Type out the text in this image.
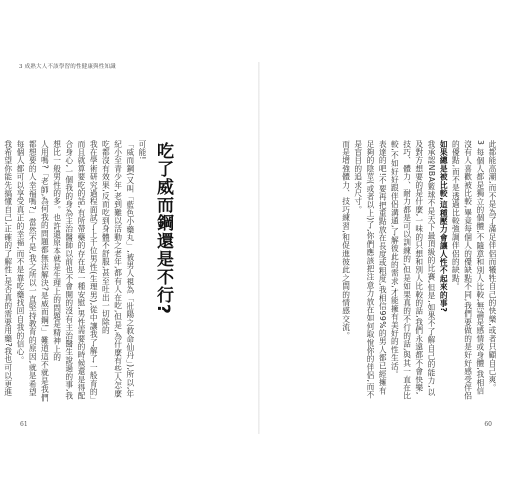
3 成熟大人不該學習的性健康與性知識
吃了威而鋼還是不行?

可能!

「威而鋼(又叫「藍色小藥丸」,被男人視為「壯陽之救命仙丹」),所以,年紀小至青少年,老到難以活動之老年,都有人在吃,但是,為什麼有些人怎麼吃都沒有效果,反而吃到身體不舒服,甚至吐出一切除的

我在學術研究過程面試了上千位男性(生理男),從中讓我了解了一般育的」而且就算要吃的話,有所帶藥的存在是一種安慰,男性需要的時候還是得配合身心,一個我的身為主治醫師以前也不會開的沒有主治醫生說過的事,我想比一般男性的多。也許還原本就是生理上的問題是精神上的

人用嗎?「老師,為何我的問題都無法解決?是威而鋼!」難道這不就是我們都想要的人幸福嗎?」當然不是,我之所以一直堅持教育的原因,就是希望每個人都可以享受真正的幸福,而不是靠吃藥找回自我的信心。

我希望你能先搞懂自己,正確的了解性,是否真的需要用藥?我也可以更進

61

此都能高潮,而不是為了滿足伴侶而犧牲自己的快樂,或者只顧自己爽。

3 每個人都是獨立的個體,不隨意和別人比較,無論是感情或身體,我相信沒有人喜歡被比較,畢竟每個人的優缺點不同,我們要做的是好好感受伴侶的優點,而不是透過比較強調伴侶的缺點。

如果總是被比較,這種壓力會讓人性不起來的事?

我承認NBA籃球不是天下最頂級的比賽,但是,如果不了解自己的能力,以及對方想要的是什麼,一味的只想和別人比較的話,我們永遠都不會快樂,技巧、體力、耐力都是可以訓練的,但是如果真的不行的話,與其一直在比較,不如好好跟伴侶溝通,了解彼此的需求,才能擁有美好的性生活。

表達的吧!不要再把重點放在長度或粗度,我相信99%的男人都已經擁有足夠的陰莖(或者以上)了,你們應該把注意力放在如何取悅你的伴侶,而不是盲目的追求尺寸。

而是增強體力、技巧練習,和促進彼此之間的情感交流。

60
